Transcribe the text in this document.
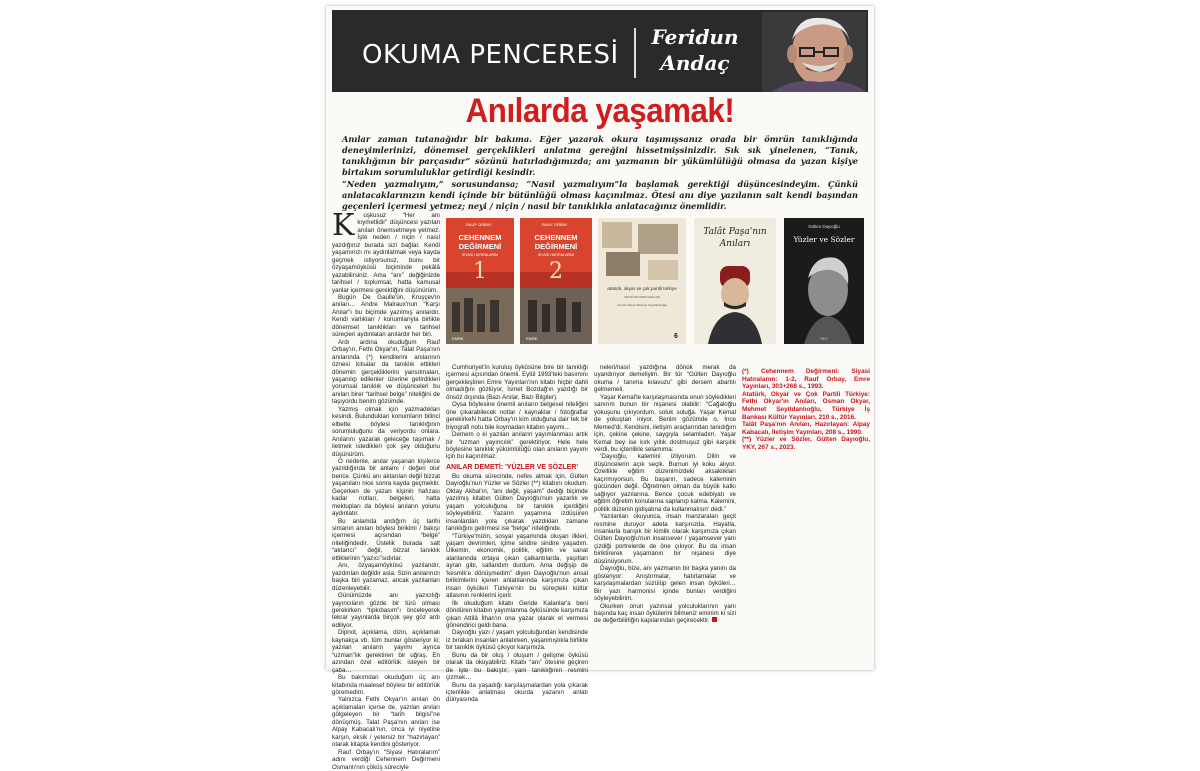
OKUMA PENCERESİ
Feridun
Andaç
Anılarda yaşamak!

Anılar zaman tutanağıdır bir bakıma. Eğer yazarak okura taşımışsanız orada bir ömrün tanıklığında deneyimlerinizi, dönemsel gerçeklikleri anlatma gereğini hissetmişsinizdir. Sık sık yinelenen, “Tanık, tanıklığının bir parçasıdır” sözünü hatırladığımızda; anı yazmanın bir yükümlülüğü olmasa da yazan kişiye birtakım sorumluluklar getirdiği kesindir.

“Neden yazmalıyım,” sorusundansa; “Nasıl yazmalıyım”la başlamak gerektiği düşüncesindeyim. Çünkü anlatacaklarınızın kendi içinde bir bütünlüğü olması kaçınılmaz. Ötesi anı diye yazılanın salt kendi başından geçenleri içermesi yetmez; neyi / niçin / nasıl bir tanıklıkla anlatacağınız önemlidir.

1
RAUF ORBAY
CEHENNEM
DEĞİRMENİ
SİYASİ HATIRALARIM
EMRE
2
RAUF ORBAY
CEHENNEM
DEĞİRMENİ
SİYASİ HATIRALARIM
EMRE
atatürk, okyar ve çok partili türkiye
FETHİ OKYAR'IN ANILARI
Osman Okyar Mehmet Seyitdanlıoğlu
6
Talât Paşa'nın
Anıları
Gülten Dayıoğlu
Yüzler ve Sözler
YKY

K uşkusuz “Her anı kıymetlidir” düşüncesi yazılan anıları önemsetmeye yetmez. İşte neden / niçin / nasıl yazdığınız burada sizi bağlar. Kendi yaşamınızı mı aydınlatmak veya kayda geçmek istiyorsunuz, bunu bir özyaşamöyküsü biçiminde pekâlâ yazabilirsiniz. Ama “anı” değiğinizde tarihsel / toplumsal, hatta kamusal yanlar içermesi gerektiğini düşünürüm.

Bugün De Gaulle'ün, Kruşçev'in anıları… Andre Malraux'nun “Karşı Anılar”ı bu biçimde yazılmış anılardır. Kendi varlıkları / konumlarıyla birlikte dönemsel tanıklıkları ve tarihsel süreçleri aydınlatan anılardır her biri.

Ardı ardına okuduğum Rauf Orbay'ın, Fethi Okyar'ın, Talat Paşa'nın anılarında (*) kendilerini anılarının öznesi kılsalar da tanıklık ettikleri dönemin gerçekliklerini yansıtmaları, yaşanılıp edilenler üzerine getirdikleri yorumsal tanıklık ve düşünceleri bu anıları birer “tarihsel belge” niteliğini de taşıyordu benim gözümde.

Yazmış olmak için yazmadıkları kesindi. Bulundukları konumların bilinci elbette böylesi tanıklığının sorumluluğunu da veriyordu onlara. Anılarını yazarak geleceğe taşımak / iletmek istedikleri çok şey olduğunu düşünürüm.

O nedenle, anılar yaşanan kişilerce yazıldığında bir anlamı / değeri olur bence. Çünkü anı aktarılan değil bizzat yaşanılanı nice sonra kayda geçmektir. Geçerken de yazan kişinin hafızası kadar notları, belgeleri, hatta mektupları da böylesi anıların yolunu aydınlatır.

Bu anlamda andığım üç tarihi simanın anıları böylesi birikimi / bakışı içermesi açısından “belge” niteliğindedir. Üstelik burada salt “aktarıcı” değil, bizzat tanıklık ettiklerinin “yazıcı”sıdırlar.

Anı, özyaşamöyküsü yazılandır, yazdırılan değildir asla. Sizin anılarınızı başka biri yazamaz, ancak yazılanları düzenleyebilir.

Günümüzde anı yazıcılığı yayıncıların gözde bir türü olması gerekirken “tıpkıbasım”ı önceleyerek tekrar yayınlarda birçok şey göz ardı ediliyor.

Dipnot, açıklama, dizin, açıklamalı kaynakça vb. tüm bunlar gösteriyor ki; yazılan anıların yayımı ayrıca “uzman”lık gerektiren bir uğraş. En azından özel editörlük isteyen bir çaba…

Bu bakımdan okuduğum üç anı kitabında maalesef böylesi bir editörlük göremedim.

Yalnızca Fethi Okyar'ın anıları ön açıklamaları içerse de, yazılan anıları gölgeleyen bir “tarih bilgisi”ne dönüşmüş. Talat Paşa'nın anıları ise Alpay Kabacalı'nın, onca iyi niyetine karşın, eksik / yetersiz bir “hazırlayan” olarak kitapta kendini gösteriyor.

Rauf Orbay'ın “Siyasi Hatıralarım” adını verdiği Cehennem Değirmeni Osmanlı'nın çöküş süreciyle

Cumhuriyet'in kuruluş öyküsüne bire bir tanıklığı içermesi açısından önemli. Eylül 1993'teki basımını gerçekleştiren Emre Yayınları'nın kitabı hiçbir dahli olmadığını gözlüyor, İsmet Bozdağ'ın yazdığı bir önsöz dışında (Bazı Anılar, Bazı Bilgiler).

Oysa böylesine önemli anıların belgesel niteliğini öne çıkarabilecek notlar / kaynaklar / fotoğraflar gerekirkeN hatta Orbay'ın kim olduğuna dair tek bir biyografi notu bile koymadan kitabın yayımı…

Demem o ki yazılan anıların yayımlanması artık bir “uzman yayıncılık” gerektiriyor. Hele hele böylesine tanıklık yükümlülüğü olan anıların yayımı için bu kaçınılmaz.

ANILAR DEMETİ: 'YÜZLER VE SÖZLER'

Bu okuma sürecinde, nefes almak için, Gülten Dayıoğlu'nun Yüzler ve Sözler (**) kitabını okudum. Oktay Akbal'ın, “anı değil, yaşam” dediği biçimde yazılmış kitabın Gülten Dayıoğlu'nun yazarlık ve yaşam yolculuğuna bir tanıklık içerdiğini söyleyebiliriz. Yazarın yaşamına izdüşüren insanlardan yola çıkarak yazdıkları zamane tanıklığını getirmesi ise “belge” niteliğinde.

“Türkiye'mizin, sosyal yaşamında oluşan ilkleri, yaşam devrimleri, içime sindire sindire yaşadım. Ülkemin, ekonomik, politik, eğitim ve sanat alanlarında ortaya çıkan çalkantılarda, yaşıtları ayran gibi, sallandım durdum. Ama değişip de 'kesmik'e dönüşmedim” diyen Dayıoğlu'nun ansal birikimlerini içeren anlatılarında karşımıza çıkan insan öyküleri Türkiye'nin bu süreçteki kültür atlasının renklerini içerir.

İlk okuduğum kitabı Geride Kalanlar'a beni döndüren kitabın yayımlanma öyküsünde karşımıza çıkan Attilâ İlhan'ın ona yazar olarak el vermesi gönendirici geldi bana.

Dayıoğlu yazı / yaşam yolculuğundan kendisinde iz bırakan insanları anlatırken, yaşanmışlıkla birlikte bir tanıklık öyküsü çıkıyor karşımıza.

Bunu da bir oluş / oluşum / gelişme öyküsü olarak da okuyabiliriz. Kitabı “anı” ötesine geçiren de işte bu bakıştır; yani tanıklığının resmini çizmek…

Bunu da yaşadığı karşılaşmalardan yola çıkarak içtenlikle anlatması okurda yazanın anlatı dünyasında

neleri/nasıl yazdığına dönük merak da uyandırıyor demeliyim. Bir tür “Gülten Dayıoğlu okuma / tanıma kılavuzu” gibi dersem abartılı gelmemeli.

Yaşar Kemal'le karşılaşmasında onun söyledikleri sanırım bunun bir nişanesi olabilir: “Cağaloğlu yokuşunu çıkıyordum, soluk soluğa. Yaşar Kemal de yokuştan iniyor. Benim gözümde o, İnce Memed'di. Kendisini, iletişim araçlarından tanıdığım için, çekine çekine, saygıyla selamladım. Yaşar Kemal bey ise kırk yıllık dostmuşuz gibi karşılık verdi, bu içtenlikle selamıma:

‘Dayıoğlu, kalemini izliyorum. Dilin ve düşüncelerin açık seçik. Burnun iyi koku alıyor. Özellikle eğitim düzenimizdeki aksaklıkları kaçırmıyorsun. Bu başarın, sadece kaleminin gücünden değil. Öğretmen olman da büyük katkı sağlıyor yazılarına. Bence çocuk edebiyatı ve eğitim öğretim konularına saplanıp kalma. Kalemini, politik düzenin gidişatına da kullanmalısın' dedi.”

Yazılanları okuyunca, insan manzaraları geçit resmine duruyor adeta karşınızda. Hayatla, insanlarla barışık bir kimlik olarak karşımıza çıkan Gülten Dayıoğlu'nun insansever / yaşamsever yanı çizdiği portrelerde de öne çıkıyor. Bu da insan biriktirerek yaşamanın bir nişanesi diye düşünüyorum.

Dayıoğlu, bize, anı yazmanın bir başka yanını da gösteriyor: Anıştırmalar, hatırlamalar ve karşılaşmalardan süzülüp gelen insan öyküleri… Bir yazı harmonisi içinde bunları verdiğini söyleyebilirim.

Okurken onun yazınsal yolculuklarının yanı başında kaç insan öykülerini bilmeniz eminim ki sizi de değerbilirliğin kapılarından geçirecektir.

(*) Cehennem Değirmeni: Siyasi Hatıralarım: 1-2, Rauf Orbay, Emre Yayınları, 303+268 s., 1993.

Atatürk, Okyar ve Çok Partili Türkiye: Fethi Okyar'ın Anıları, Osman Okyar, Mehmet Seyitdanlıoğlu, Türkiye İş Bankası Kültür Yayınları, 210 s., 2016.

Talât Paşa'nın Anıları, Hazırlayan: Alpay Kabacalı, İletişim Yayınları, 208 s., 1990.

(**) Yüzler ve Sözler, Gülten Dayıoğlu, YKY, 267 s., 2023.
